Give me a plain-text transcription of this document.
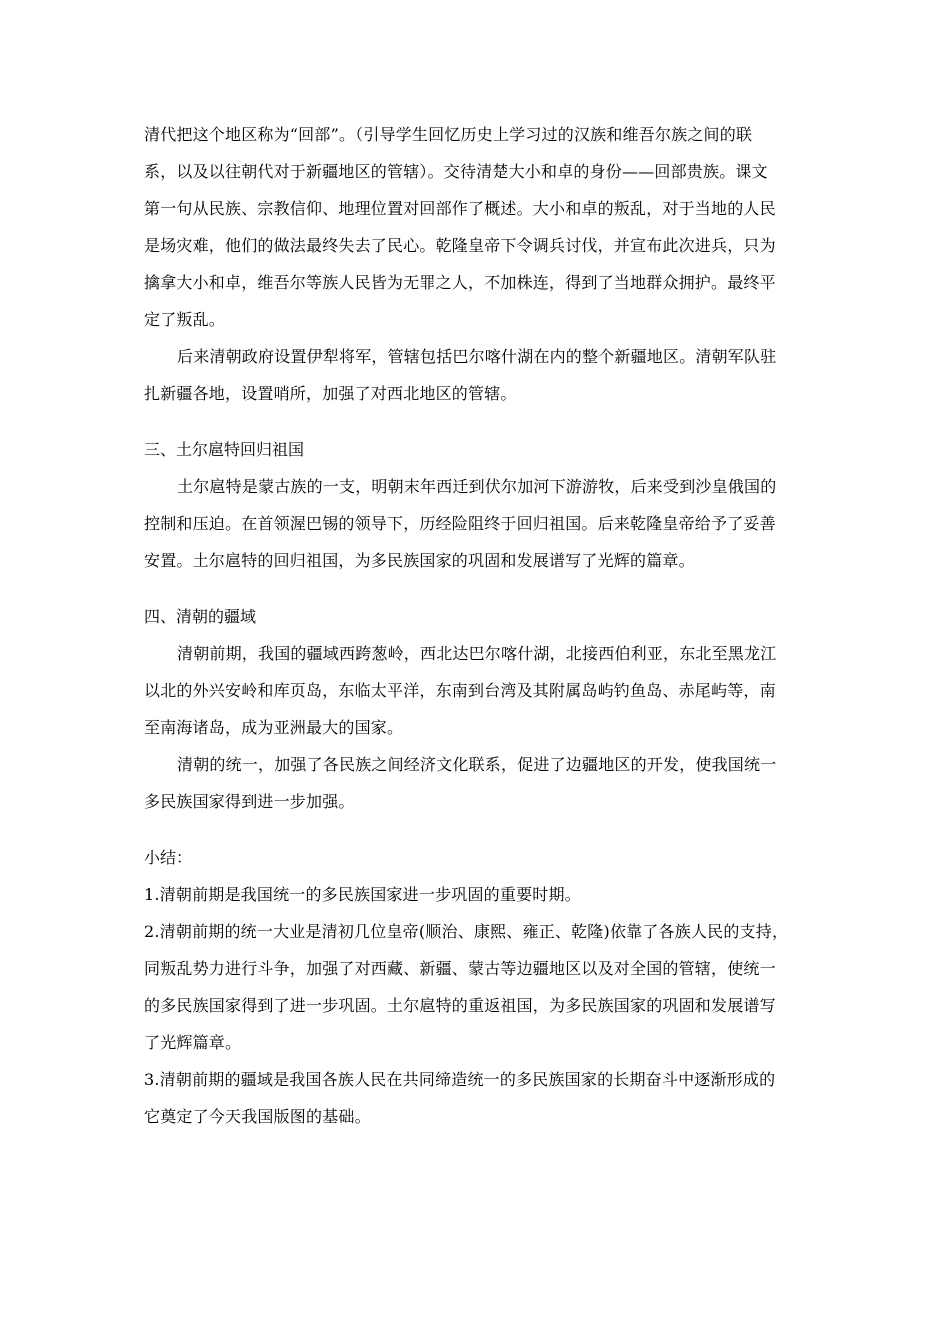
清代把这个地区称为“回部”。（引导学生回忆历史上学习过的汉族和维吾尔族之间的联
系，以及以往朝代对于新疆地区的管辖）。交待清楚大小和卓的身份——回部贵族。课文
第一句从民族、宗教信仰、地理位置对回部作了概述。大小和卓的叛乱，对于当地的人民
是场灾难，他们的做法最终失去了民心。乾隆皇帝下令调兵讨伐，并宣布此次进兵，只为
擒拿大小和卓，维吾尔等族人民皆为无罪之人，不加株连，得到了当地群众拥护。最终平
定了叛乱。
后来清朝政府设置伊犁将军，管辖包括巴尔喀什湖在内的整个新疆地区。清朝军队驻
扎新疆各地，设置哨所，加强了对西北地区的管辖。
三、土尔扈特回归祖国
土尔扈特是蒙古族的一支，明朝末年西迁到伏尔加河下游游牧，后来受到沙皇俄国的
控制和压迫。在首领渥巴锡的领导下，历经险阻终于回归祖国。后来乾隆皇帝给予了妥善
安置。土尔扈特的回归祖国，为多民族国家的巩固和发展谱写了光辉的篇章。
四、清朝的疆域
清朝前期，我国的疆域西跨葱岭，西北达巴尔喀什湖，北接西伯利亚，东北至黑龙江
以北的外兴安岭和库页岛，东临太平洋，东南到台湾及其附属岛屿钓鱼岛、赤尾屿等，南
至南海诸岛，成为亚洲最大的国家。
清朝的统一，加强了各民族之间经济文化联系，促进了边疆地区的开发，使我国统一
多民族国家得到进一步加强。
小结：
1.清朝前期是我国统一的多民族国家进一步巩固的重要时期。
2.清朝前期的统一大业是清初几位皇帝(顺治、康熙、雍正、乾隆)依靠了各族人民的支持，
同叛乱势力进行斗争，加强了对西藏、新疆、蒙古等边疆地区以及对全国的管辖，使统一
的多民族国家得到了进一步巩固。土尔扈特的重返祖国，为多民族国家的巩固和发展谱写
了光辉篇章。
3.清朝前期的疆域是我国各族人民在共同缔造统一的多民族国家的长期奋斗中逐渐形成的
它奠定了今天我国版图的基础。
